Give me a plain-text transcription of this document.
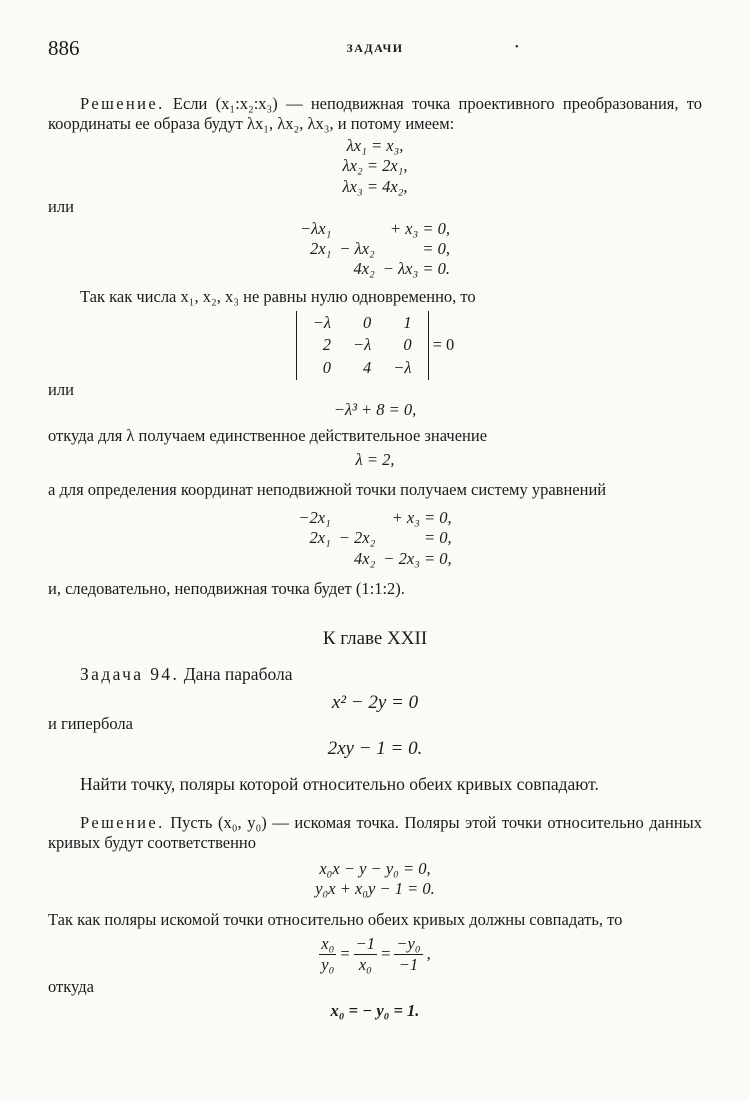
886	ЗАДАЧИ	•

Решение. Если (x₁:x₂:x₃) — неподвижная точка проективного преобразования, то координаты ее образа будут λx₁, λx₂, λx₃, и потому имеем:

λx₁ = x₃,
λx₂ = 2x₁,
λx₃ = 4x₂,

или

−λx₁		+ x₃ = 0,
2x₁	− λx₂	= 0,
	4x₂	− λx₃ = 0.

Так как числа x₁, x₂, x₃ не равны нулю одновременно, то

−λ	0	1
2	−λ	0
0	4	−λ
= 0

или

−λ³ + 8 = 0,

откуда для λ получаем единственное действительное значение

λ = 2,

а для определения координат неподвижной точки получаем систему уравнений

−2x₁		+ x₃ = 0,
2x₁	− 2x₂	= 0,
	4x₂	− 2x₃ = 0,

и, следовательно, неподвижная точка будет (1:1:2).

К главе XXII

Задача 94. Дана парабола

x² − 2y = 0

и гипербола

2xy − 1 = 0.

Найти точку, поляры которой относительно обеих кривых совпадают.

Решение. Пусть (x₀, y₀) — искомая точка. Поляры этой точки относительно данных кривых будут соответственно

x₀x − y − y₀ = 0,
y₀x + x₀y − 1 = 0.

Так как поляры искомой точки относительно обеих кривых должны совпадать, то

$\frac{\text{x₀}}{\text{y₀}} = \frac{-1}{\text{x₀}} = \frac{\text{−y₀}}{-1}$ ,

откуда

x₀ = − y₀ = 1.
